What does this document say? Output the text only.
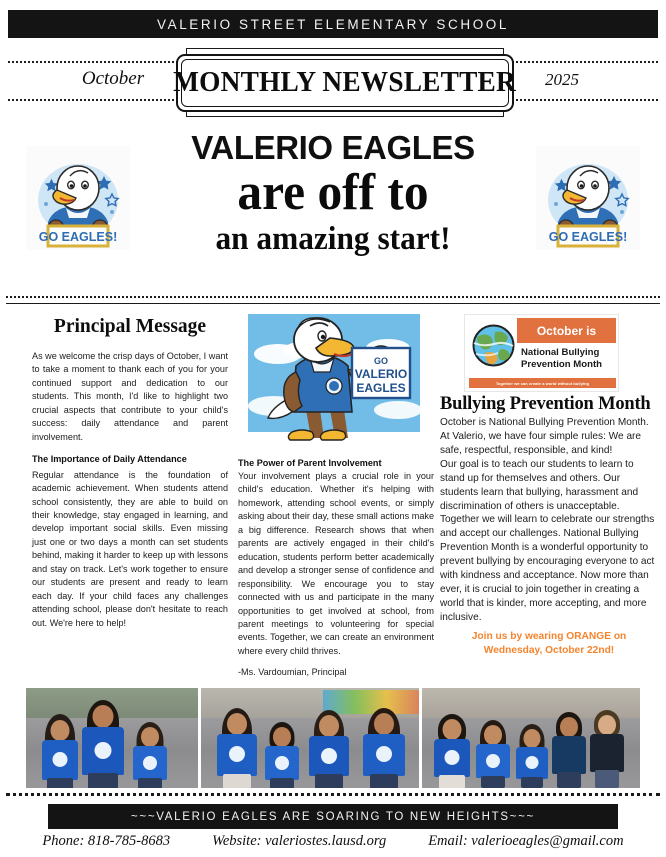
VALERIO STREET ELEMENTARY SCHOOL
October	2025
MONTHLY NEWSLETTER
GO EAGLES!
VALERIO EAGLES
are off to
an amazing start!	GO EAGLES!
Principal Message

As we welcome the crisp days of October, I want to take a moment to thank each of you for your continued support and dedication to our students. This month, I'd like to highlight two crucial aspects that contribute to your child's success: daily attendance and parent involvement.

The Importance of Daily Attendance

Regular attendance is the foundation of academic achievement. When students attend school consistently, they are able to build on their knowledge, stay engaged in learning, and develop important social skills. Even missing just one or two days a month can set students behind, making it harder to keep up with lessons and stay on track. Let's work together to ensure our students are present and ready to learn each day. If your child faces any challenges attending school, please don't hesitate to reach out. We're here to help!

GO
VALERIO
EAGLES
The Power of Parent Involvement

Your involvement plays a crucial role in your child's education. Whether it's helping with homework, attending school events, or simply asking about their day, these small actions make a big difference. Research shows that when parents are actively engaged in their child's education, students perform better academically and develop a stronger sense of confidence and responsibility. We encourage you to stay connected with us and participate in the many opportunities to get involved at school, from parent meetings to volunteering for special events. Together, we can create an environment where every child thrives.

-Ms. Vardoumian, Principal
October is
National Bullying Prevention Month
Together we can create a world without bullying
Bullying Prevention Month

October is National Bullying Prevention Month. At Valerio, we have four simple rules: We are safe, respectful, responsible, and kind!

Our goal is to teach our students to learn to stand up for themselves and others. Our students learn that bullying, harassment and discrimination of others is unacceptable.

Together we will learn to celebrate our strengths and accept our challenges. National Bullying Prevention Month is a wonderful opportunity to prevent bullying by encouraging everyone to act with kindness and acceptance. Now more than ever, it is crucial to join together in creating a world that is kinder, more accepting, and more inclusive.

Join us by wearing ORANGE on
Wednesday, October 22nd!
~~~VALERIO EAGLES ARE SOARING TO NEW HEIGHTS~~~
Phone: 818-785-8683	Website: valeriostes.lausd.org	Email: valerioeagles@gmail.com
